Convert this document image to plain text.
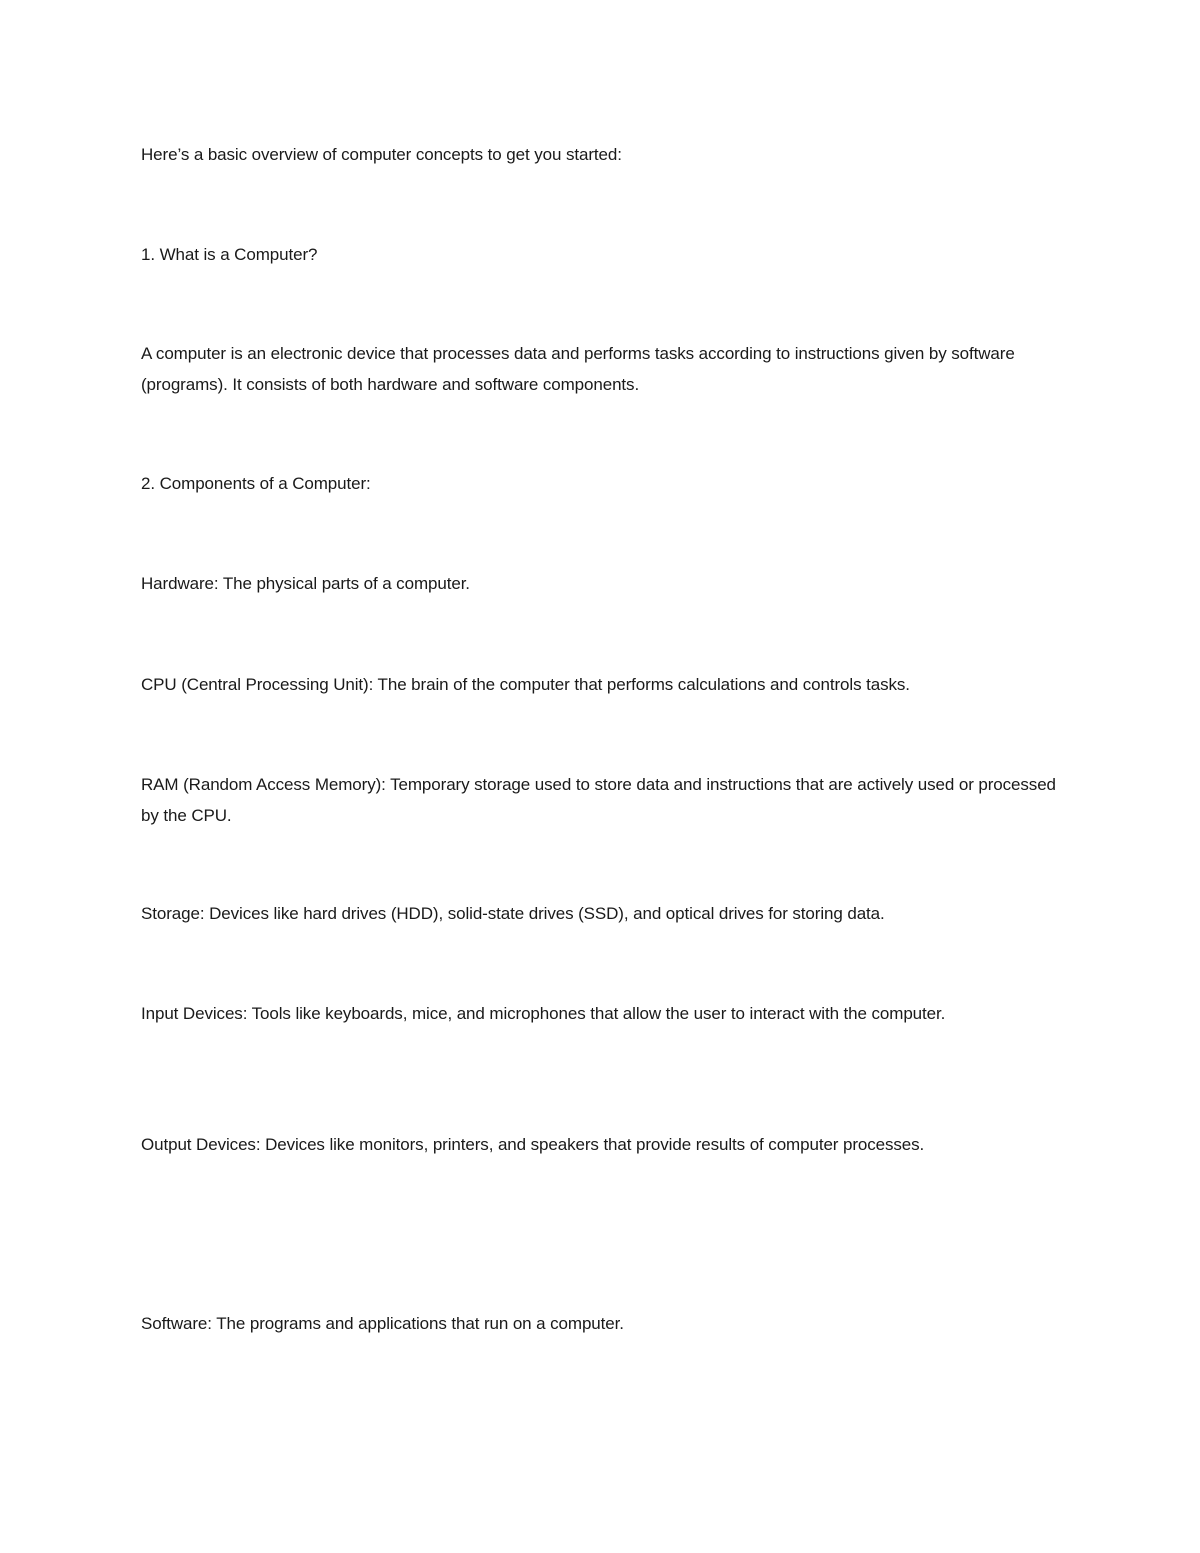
Here’s a basic overview of computer concepts to get you started:

1. What is a Computer?

A computer is an electronic device that processes data and performs tasks according to instructions given by software (programs). It consists of both hardware and software components.

2. Components of a Computer:

Hardware: The physical parts of a computer.

CPU (Central Processing Unit): The brain of the computer that performs calculations and controls tasks.

RAM (Random Access Memory): Temporary storage used to store data and instructions that are actively used or processed by the CPU.

Storage: Devices like hard drives (HDD), solid-state drives (SSD), and optical drives for storing data.

Input Devices: Tools like keyboards, mice, and microphones that allow the user to interact with the computer.

Output Devices: Devices like monitors, printers, and speakers that provide results of computer processes.

Software: The programs and applications that run on a computer.
